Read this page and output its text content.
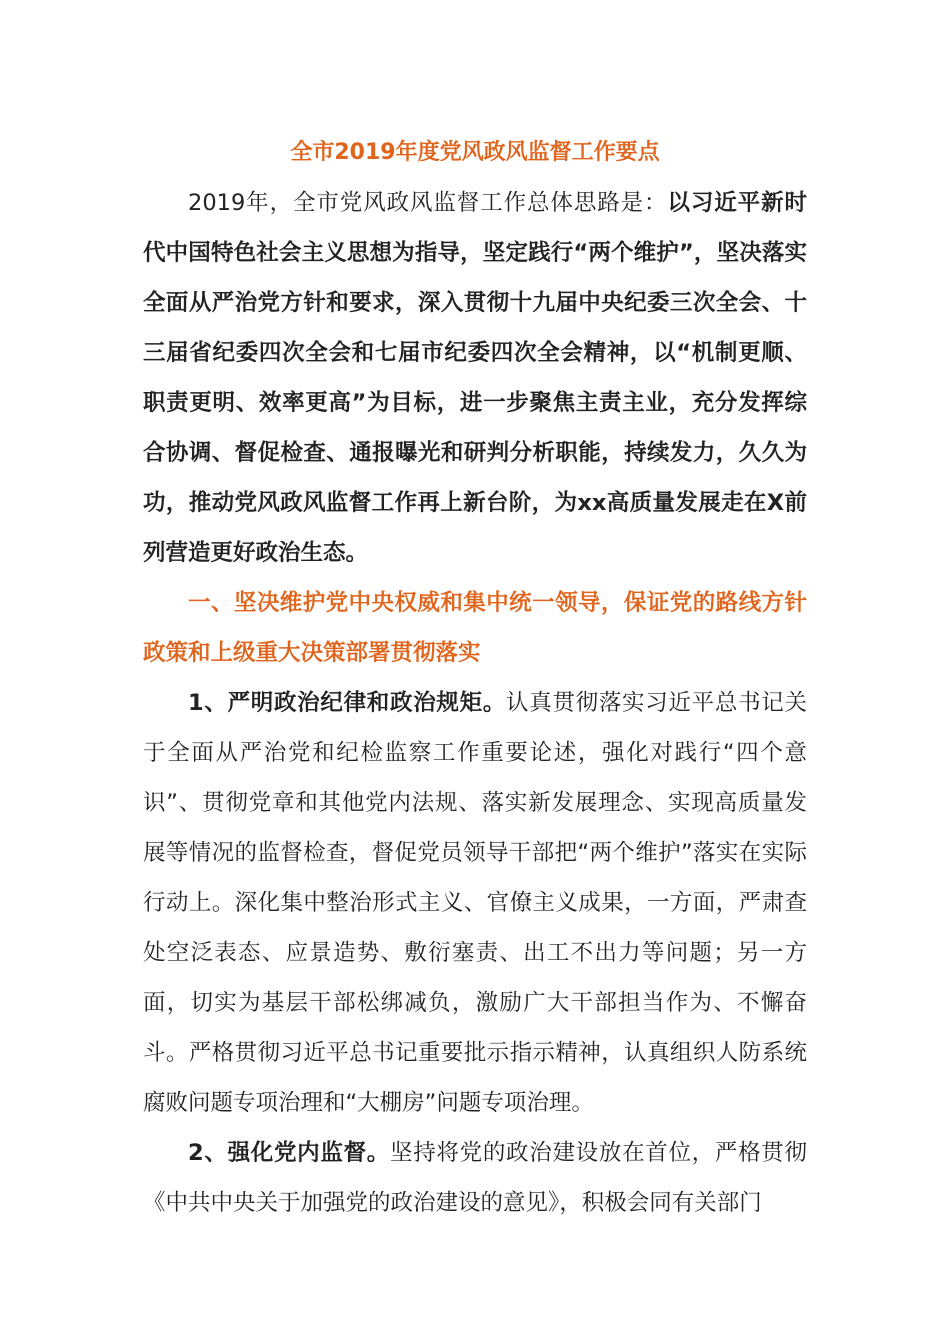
全市2019年度党风政风监督工作要点

2019年，全市党风政风监督工作总体思路是：以习近平新时代中国特色社会主义思想为指导，坚定践行“两个维护”，坚决落实全面从严治党方针和要求，深入贯彻十九届中央纪委三次全会、十三届省纪委四次全会和七届市纪委四次全会精神，以“机制更顺、职责更明、效率更高”为目标，进一步聚焦主责主业，充分发挥综合协调、督促检查、通报曝光和研判分析职能，持续发力，久久为功，推动党风政风监督工作再上新台阶，为xx高质量发展走在X前列营造更好政治生态。

一、坚决维护党中央权威和集中统一领导，保证党的路线方针政策和上级重大决策部署贯彻落实

1、严明政治纪律和政治规矩。认真贯彻落实习近平总书记关于全面从严治党和纪检监察工作重要论述，强化对践行“四个意识”、贯彻党章和其他党内法规、落实新发展理念、实现高质量发展等情况的监督检查，督促党员领导干部把“两个维护”落实在实际行动上。深化集中整治形式主义、官僚主义成果，一方面，严肃查处空泛表态、应景造势、敷衍塞责、出工不出力等问题；另一方面，切实为基层干部松绑减负，激励广大干部担当作为、不懈奋斗。严格贯彻习近平总书记重要批示指示精神，认真组织人防系统腐败问题专项治理和“大棚房”问题专项治理。

2、强化党内监督。坚持将党的政治建设放在首位，严格贯彻《中共中央关于加强党的政治建设的意见》，积极会同有关部门
